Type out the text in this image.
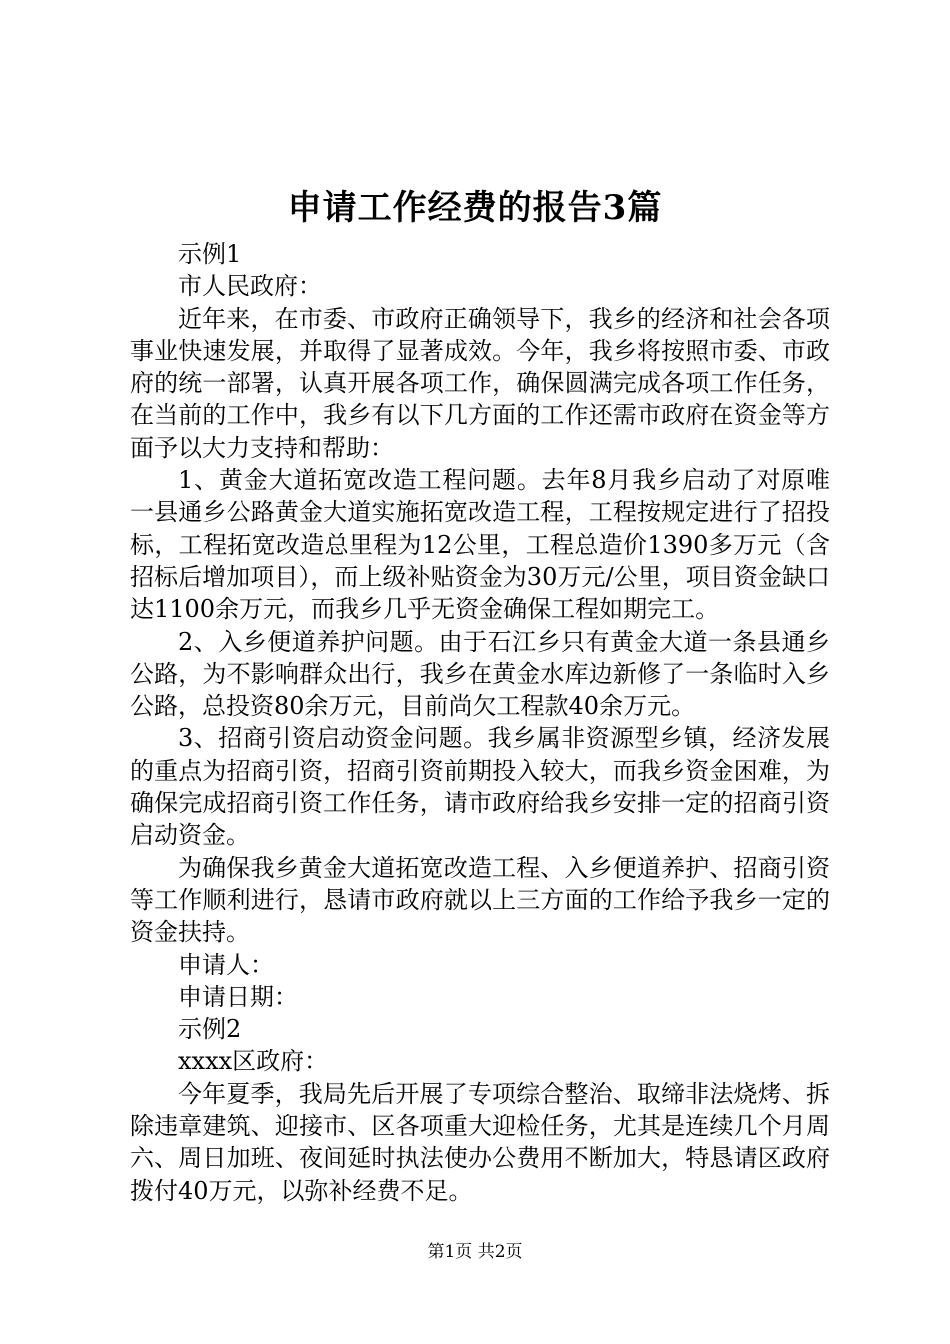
申请工作经费的报告3篇

示例1

市人民政府：

近年来，在市委、市政府正确领导下，我乡的经济和社会各项事业快速发展，并取得了显著成效。今年，我乡将按照市委、市政府的统一部署，认真开展各项工作，确保圆满完成各项工作任务，在当前的工作中，我乡有以下几方面的工作还需市政府在资金等方面予以大力支持和帮助：

1、黄金大道拓宽改造工程问题。去年8月我乡启动了对原唯一县通乡公路黄金大道实施拓宽改造工程，工程按规定进行了招投标，工程拓宽改造总里程为12公里，工程总造价1390多万元（含招标后增加项目），而上级补贴资金为30万元/公里，项目资金缺口达1100余万元，而我乡几乎无资金确保工程如期完工。

2、入乡便道养护问题。由于石江乡只有黄金大道一条县通乡公路，为不影响群众出行，我乡在黄金水库边新修了一条临时入乡公路，总投资80余万元，目前尚欠工程款40余万元。

3、招商引资启动资金问题。我乡属非资源型乡镇，经济发展的重点为招商引资，招商引资前期投入较大，而我乡资金困难，为确保完成招商引资工作任务，请市政府给我乡安排一定的招商引资启动资金。

为确保我乡黄金大道拓宽改造工程、入乡便道养护、招商引资等工作顺利进行，恳请市政府就以上三方面的工作给予我乡一定的资金扶持。

申请人：

申请日期：

示例2

xxxx区政府：

今年夏季，我局先后开展了专项综合整治、取缔非法烧烤、拆除违章建筑、迎接市、区各项重大迎检任务，尤其是连续几个月周六、周日加班、夜间延时执法使办公费用不断加大，特恳请区政府拨付40万元，以弥补经费不足。

第1页 共2页
